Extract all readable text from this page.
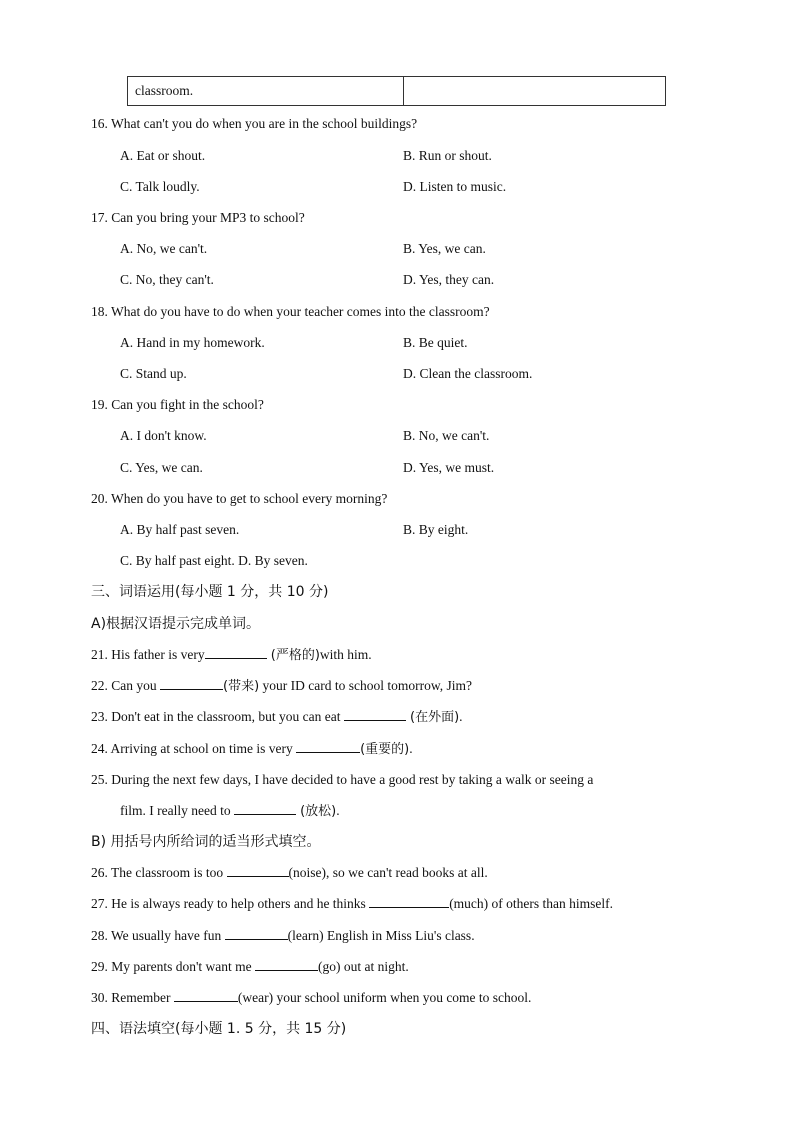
classroom.
16. What can't you do when you are in the school buildings?
A. Eat or shout.	B. Run or shout.
C. Talk loudly.	D. Listen to music.
17. Can you bring your MP3 to school?
A. No, we can't.	B. Yes, we can.
C. No, they can't.	D. Yes, they can.
18. What do you have to do when your teacher comes into the classroom?
A. Hand in my homework.	B. Be quiet.
C. Stand up.	D. Clean the classroom.
19. Can you fight in the school?
A. I don't know.	B. No, we can't.
C. Yes, we can.	D. Yes, we must.
20. When do you have to get to school every morning?
A. By half past seven.	B. By eight.
C. By half past eight. D. By seven.
三、词语运用(每小题 1 分，共 10 分)
A)根据汉语提示完成单词。
21. His father is very	(严格的)with him.
22. Can you	(带来) your ID card to school tomorrow, Jim?
23. Don't eat in the classroom, but you can eat	(在外面).
24. Arriving at school on time is very	(重要的).
25. During the next few days, I have decided to have a good rest by taking a walk or seeing a
film. I really need to	(放松).
B) 用括号内所给词的适当形式填空。
26. The classroom is too	(noise), so we can't read books at all.
27. He is always ready to help others and he thinks	(much) of others than himself.
28. We usually have fun	(learn) English in Miss Liu's class.
29. My parents don't want me	(go) out at night.
30. Remember	(wear) your school uniform when you come to school.
四、语法填空(每小题 1. 5 分，共 15 分)
